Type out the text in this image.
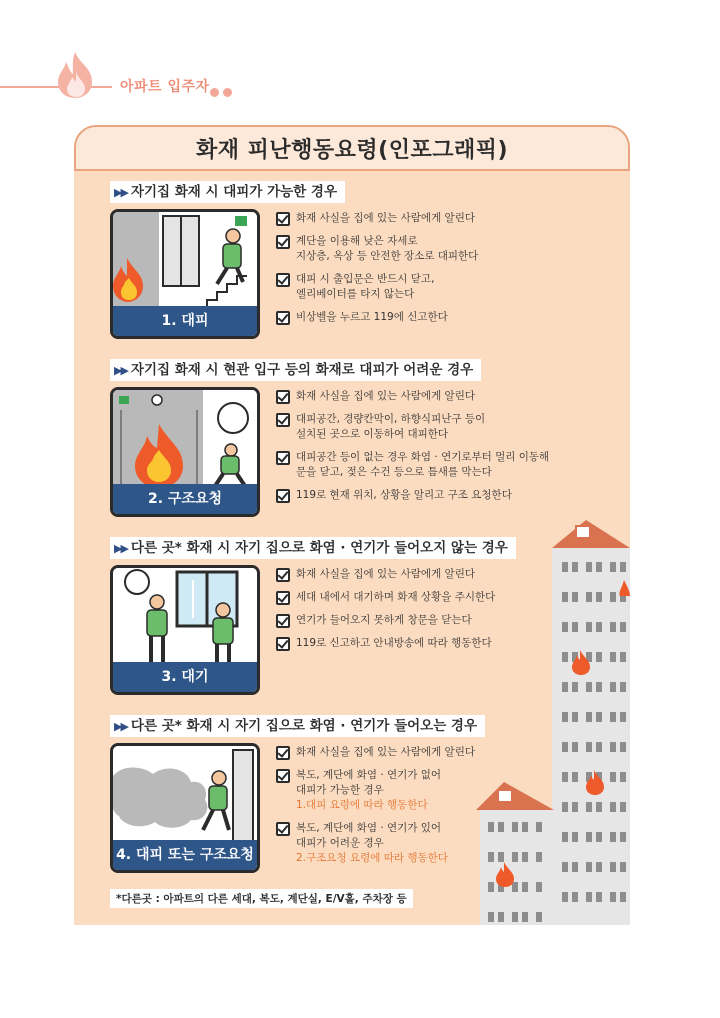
아파트 입주자
화재 피난행동요령(인포그래픽)
▶▶ 자기집 화재 시 대피가 가능한 경우
1. 대피
화재 사실을 집에 있는 사람에게 알린다
계단을 이용해 낮은 자세로
지상층, 옥상 등 안전한 장소로 대피한다
대피 시 출입문은 반드시 닫고,
엘리베이터를 타지 않는다
비상벨을 누르고 119에 신고한다
▶▶ 자기집 화재 시 현관 입구 등의 화재로 대피가 어려운 경우
2. 구조요청
화재 사실을 집에 있는 사람에게 알린다
대피공간, 경량칸막이, 하향식피난구 등이
설치된 곳으로 이동하여 대피한다
대피공간 등이 없는 경우 화염 · 연기로부터 멀리 이동해
문을 닫고, 젖은 수건 등으로 틈새를 막는다
119로 현재 위치, 상황을 알리고 구조 요청한다
▶▶ 다른 곳* 화재 시 자기 집으로 화염 · 연기가 들어오지 않는 경우
3. 대기
화재 사실을 집에 있는 사람에게 알린다
세대 내에서 대기하며 화재 상황을 주시한다
연기가 들어오지 못하게 창문을 닫는다
119로 신고하고 안내방송에 따라 행동한다
▶▶ 다른 곳* 화재 시 자기 집으로 화염 · 연기가 들어오는 경우
4. 대피 또는 구조요청
화재 사실을 집에 있는 사람에게 알린다
복도, 계단에 화염 · 연기가 없어
대피가 가능한 경우
1.대피 요령에 따라 행동한다
복도, 계단에 화염 · 연기가 있어
대피가 어려운 경우
2.구조요청 요령에 따라 행동한다
*다른곳 : 아파트의 다른 세대, 복도, 계단실, E/V홀, 주차장 등
